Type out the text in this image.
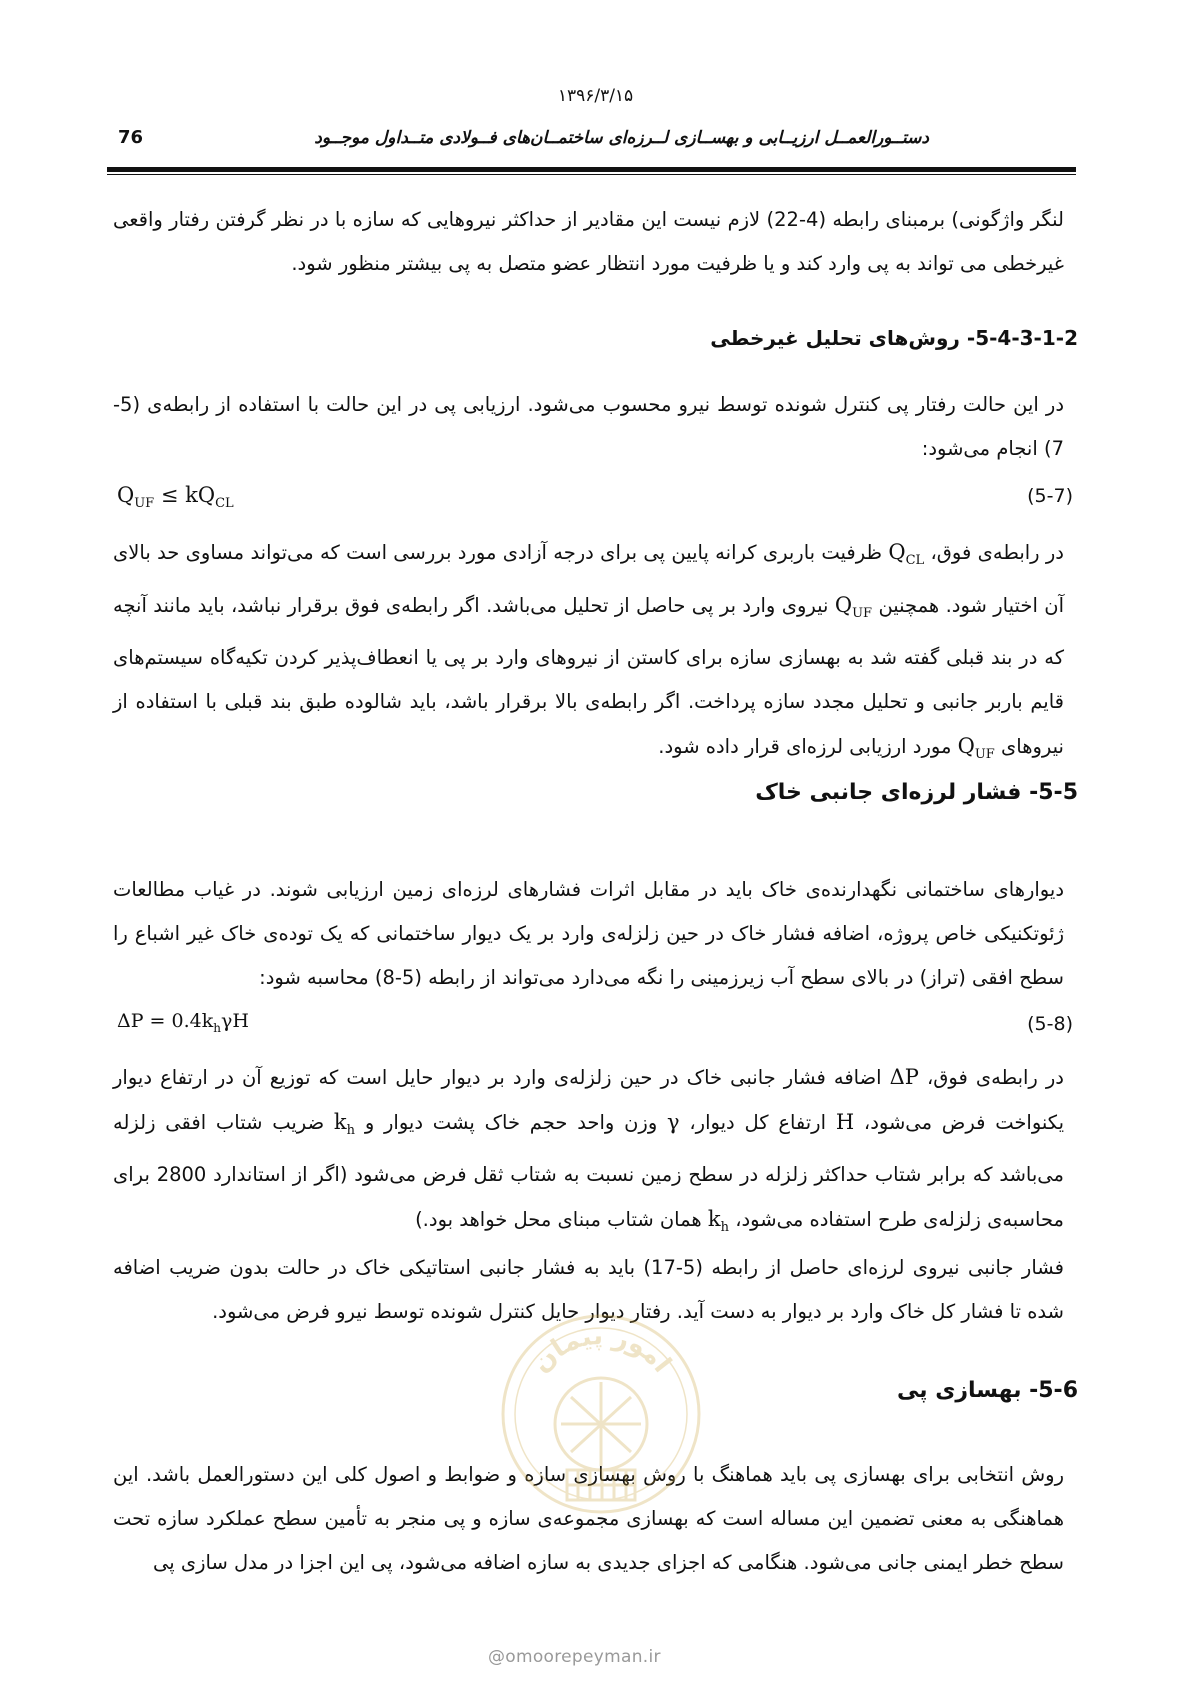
۱۳۹۶/۳/۱۵
دستــورالعمــل ارزیــابی و بهســازی لــرزه‌ای ساختمــان‌های فــولادی متــداول موجــود
76
لنگر واژگونی) برمبنای رابطه (4-22) لازم نیست این مقادیر از حداکثر نیروهایی که سازه با در نظر گرفتن رفتار واقعی غیرخطی می تواند به پی وارد کند و یا ظرفیت مورد انتظار عضو متصل به پی بیشتر منظور شود.
5-4-3-1-2- روش‌های تحلیل غیرخطی
در این حالت رفتار پی کنترل شونده توسط نیرو محسوب می‌شود. ارزیابی پی در این حالت با استفاده از رابطه‌ی (5-7) انجام می‌شود:
$Q_{UF} \le kQ_{CL}$	(5-7)
در رابطه‌ی فوق، $Q_{CL}$ ظرفیت باربری کرانه پایین پی برای درجه آزادی مورد بررسی است که می‌تواند مساوی حد بالای آن اختیار شود. همچنین $Q_{UF}$ نیروی وارد بر پی حاصل از تحلیل می‌باشد. اگر رابطه‌ی فوق برقرار نباشد، باید مانند آنچه که در بند قبلی گفته شد به بهسازی سازه برای کاستن از نیروهای وارد بر پی یا انعطاف‌پذیر کردن تکیه‌گاه سیستم‌های قایم باربر جانبی و تحلیل مجدد سازه پرداخت. اگر رابطه‌ی بالا برقرار باشد، باید شالوده طبق بند قبلی با استفاده از نیروهای $Q_{UF}$ مورد ارزیابی لرزه‌ای قرار داده شود.
5-5- فشار لرزه‌ای جانبی خاک
دیوارهای ساختمانی نگهدارنده‌ی خاک باید در مقابل اثرات فشارهای لرزه‌ای زمین ارزیابی شوند. در غیاب مطالعات ژئوتکنیکی خاص پروژه، اضافه فشار خاک در حین زلزله‌ی وارد بر یک دیوار ساختمانی که یک توده‌ی خاک غیر اشباع را سطح افقی (تراز) در بالای سطح آب زیرزمینی را نگه می‌دارد می‌تواند از رابطه (5-8) محاسبه شود:
$\Delta P = 0.4k_h\gamma H$	(5-8)
در رابطه‌ی فوق، ΔP اضافه فشار جانبی خاک در حین زلزله‌ی وارد بر دیوار حایل است که توزیع آن در ارتفاع دیوار یکنواخت فرض می‌شود، H ارتفاع کل دیوار، γ وزن واحد حجم خاک پشت دیوار و $k_h$ ضریب شتاب افقی زلزله می‌باشد که برابر شتاب حداکثر زلزله در سطح زمین نسبت به شتاب ثقل فرض می‌شود (اگر از استاندارد 2800 برای محاسبه‌ی زلزله‌ی طرح استفاده می‌شود، $k_h$ همان شتاب مبنای محل خواهد بود.)
فشار جانبی نیروی لرزه‌ای حاصل از رابطه (5-17) باید به فشار جانبی استاتیکی خاک در حالت بدون ضریب اضافه شده تا فشار کل خاک وارد بر دیوار به دست آید. رفتار دیوار حایل کنترل شونده توسط نیرو فرض می‌شود.
5-6- بهسازی پی
روش انتخابی برای بهسازی پی باید هماهنگ با روش بهسازی سازه و ضوابط و اصول کلی این دستورالعمل باشد. این هماهنگی به معنی تضمین این مساله است که بهسازی مجموعه‌ی سازه و پی منجر به تأمین سطح عملکرد سازه تحت سطح خطر ایمنی جانی می‌شود. هنگامی که اجزای جدیدی به سازه اضافه می‌شود، پی این اجزا در مدل سازی پی
امور پیمان
@omoorepeyman.ir
